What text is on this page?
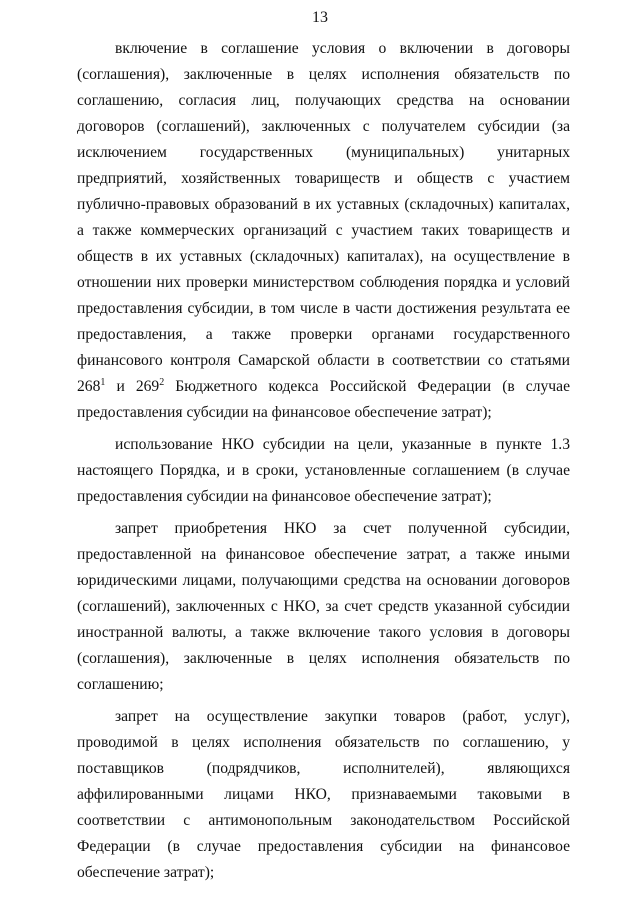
13

включение в соглашение условия о включении в договоры (соглашения), заключенные в целях исполнения обязательств по соглашению, согласия лиц, получающих средства на основании договоров (соглашений), заключенных с получателем субсидии (за исключением государственных (муниципальных) унитарных предприятий, хозяйственных товариществ и обществ с участием публично-правовых образований в их уставных (складочных) капиталах, а также коммерческих организаций с участием таких товариществ и обществ в их уставных (складочных) капиталах), на осуществление в отношении них проверки министерством соблюдения порядка и условий предоставления субсидии, в том числе в части достижения результата ее предоставления, а также проверки органами государственного финансового контроля Самарской области в соответствии со статьями $268^1$ и $269^2$ Бюджетного кодекса Российской Федерации (в случае предоставления субсидии на финансовое обеспечение затрат);

использование НКО субсидии на цели, указанные в пункте 1.3 настоящего Порядка, и в сроки, установленные соглашением (в случае предоставления субсидии на финансовое обеспечение затрат);

запрет приобретения НКО за счет полученной субсидии, предоставленной на финансовое обеспечение затрат, а также иными юридическими лицами, получающими средства на основании договоров (соглашений), заключенных с НКО, за счет средств указанной субсидии иностранной валюты, а также включение такого условия в договоры (соглашения), заключенные в целях исполнения обязательств по соглашению;

запрет на осуществление закупки товаров (работ, услуг), проводимой в целях исполнения обязательств по соглашению, у поставщиков (подрядчиков, исполнителей), являющихся аффилированными лицами НКО, признаваемыми таковыми в соответствии с антимонопольным законодательством Российской Федерации (в случае предоставления субсидии на финансовое обеспечение затрат);
